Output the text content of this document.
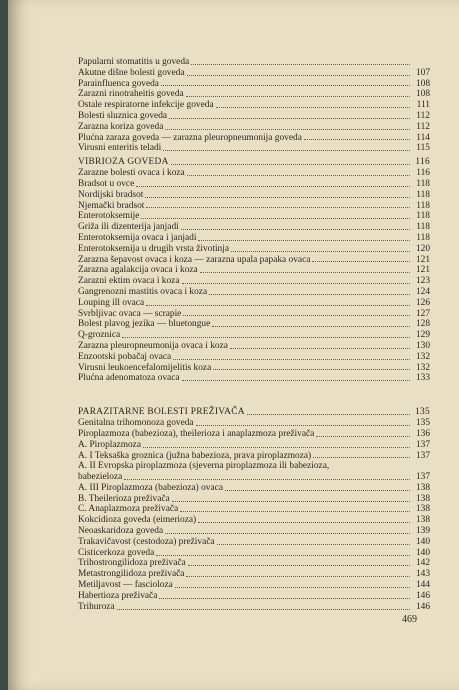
Papularni stomatitis u goveda
Akutne dišne bolesti goveda	107
Parainfluenca goveda	108
Zarazni rinotraheitis goveda	108
Ostale respiratorne infekcije goveda	111
Bolesti sluznica goveda	112
Zarazna koriza goveda	112
Plućna zaraza goveda — zarazna pleuropneumonija goveda	114
Virusni enteritis teladi	115
VIBRIOZA GOVEDA	116
Zarazne bolesti ovaca i koza	116
Bradsot u ovce	118
Nordijski bradsot	118
Njemački bradsot	118
Enterotoksemije	118
Griža ili dizenterija janjadi	118
Enterotoksemija ovaca i janjadi	118
Enterotoksemija u drugih vrsta životinja	120
Zarazna šepavost ovaca i koza — zarazna upala papaka ovaca	121
Zarazna agalakcija ovaca i koza	121
Zarazni ektim ovaca i koza	123
Gangrenozni mastitis ovaca i koza	124
Louping ill ovaca	126
Svrbljivac ovaca — scrapie	127
Bolest plavog jezika — bluetongue	128
Q-groznica	129
Zarazna pleuropneumonija ovaca i koza	130
Enzootski pobačaj ovaca	132
Virusni leukoencefalomijelitis koza	132
Plućna adenomatoza ovaca	133
PARAZITARNE BOLESTI PREŽIVAČA	135
Genitalna trihomonoza goveda	135
Piroplazmoza (babezioza), theilerioza i anaplazmoza preživača	136
A. Piroplazmoza	137
A. I Teksaška groznica (južna babezioza, prava piroplazmoza)	137
A. II Evropska piroplazmoza (sjeverna piroplazmoza ili babezioza,
babezieloza	137
A. III Piroplazmoza (babezioza) ovaca	138
B. Theilerioza preživača	138
C. Anaplazmoza preživača	138
Kokcidioza goveda (eimerioza)	138
Neoaskaridoza goveda	139
Trakavičavost (cestodoza) preživača	140
Cisticerkoza goveda	140
Trihostrongilidoza preživača	142
Metastrongilidoza preživača	143
Metiljavost — fascioloza	144
Habertioza preživača	146
Trihuroza	146
469
